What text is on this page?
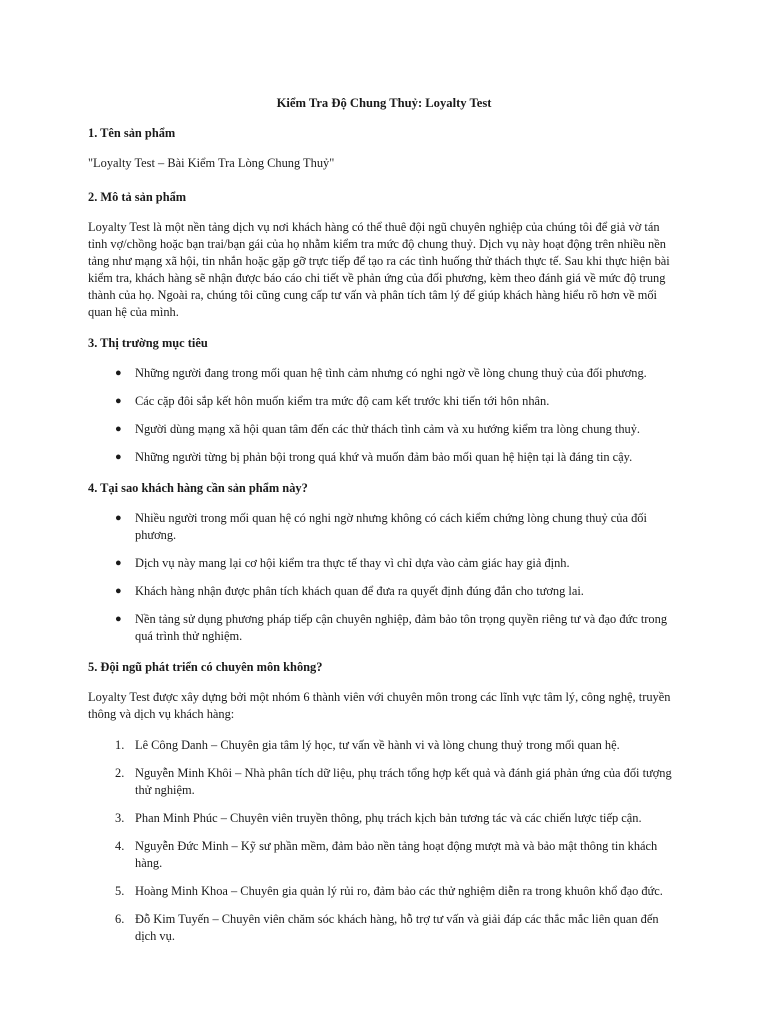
Kiểm Tra Độ Chung Thuỷ: Loyalty Test
1. Tên sản phẩm
"Loyalty Test – Bài Kiểm Tra Lòng Chung Thuỷ"
2. Mô tả sản phẩm

Loyalty Test là một nền tảng dịch vụ nơi khách hàng có thể thuê đội ngũ chuyên nghiệp của chúng tôi để giả vờ tán tỉnh vợ/chồng hoặc bạn trai/bạn gái của họ nhằm kiểm tra mức độ chung thuỷ. Dịch vụ này hoạt động trên nhiều nền tảng như mạng xã hội, tin nhắn hoặc gặp gỡ trực tiếp để tạo ra các tình huống thử thách thực tế. Sau khi thực hiện bài kiểm tra, khách hàng sẽ nhận được báo cáo chi tiết về phản ứng của đối phương, kèm theo đánh giá về mức độ trung thành của họ. Ngoài ra, chúng tôi cũng cung cấp tư vấn và phân tích tâm lý để giúp khách hàng hiểu rõ hơn về mối quan hệ của mình.

3. Thị trường mục tiêu
● Những người đang trong mối quan hệ tình cảm nhưng có nghi ngờ về lòng chung thuỷ của đối phương.
● Các cặp đôi sắp kết hôn muốn kiểm tra mức độ cam kết trước khi tiến tới hôn nhân.
● Người dùng mạng xã hội quan tâm đến các thử thách tình cảm và xu hướng kiểm tra lòng chung thuỷ.
● Những người từng bị phản bội trong quá khứ và muốn đảm bảo mối quan hệ hiện tại là đáng tin cậy.
4. Tại sao khách hàng cần sản phẩm này?
● Nhiều người trong mối quan hệ có nghi ngờ nhưng không có cách kiểm chứng lòng chung thuỷ của đối phương.
● Dịch vụ này mang lại cơ hội kiểm tra thực tế thay vì chỉ dựa vào cảm giác hay giả định.
● Khách hàng nhận được phân tích khách quan để đưa ra quyết định đúng đắn cho tương lai.
● Nền tảng sử dụng phương pháp tiếp cận chuyên nghiệp, đảm bảo tôn trọng quyền riêng tư và đạo đức trong quá trình thử nghiệm.
5. Đội ngũ phát triển có chuyên môn không?

Loyalty Test được xây dựng bởi một nhóm 6 thành viên với chuyên môn trong các lĩnh vực tâm lý, công nghệ, truyền thông và dịch vụ khách hàng:

1. Lê Công Danh – Chuyên gia tâm lý học, tư vấn về hành vi và lòng chung thuỷ trong mối quan hệ.
2. Nguyễn Minh Khôi – Nhà phân tích dữ liệu, phụ trách tổng hợp kết quả và đánh giá phản ứng của đối tượng thử nghiệm.
3. Phan Minh Phúc – Chuyên viên truyền thông, phụ trách kịch bản tương tác và các chiến lược tiếp cận.
4. Nguyễn Đức Minh – Kỹ sư phần mềm, đảm bảo nền tảng hoạt động mượt mà và bảo mật thông tin khách hàng.
5. Hoàng Minh Khoa – Chuyên gia quản lý rủi ro, đảm bảo các thử nghiệm diễn ra trong khuôn khổ đạo đức.
6. Đỗ Kim Tuyến – Chuyên viên chăm sóc khách hàng, hỗ trợ tư vấn và giải đáp các thắc mắc liên quan đến dịch vụ.
